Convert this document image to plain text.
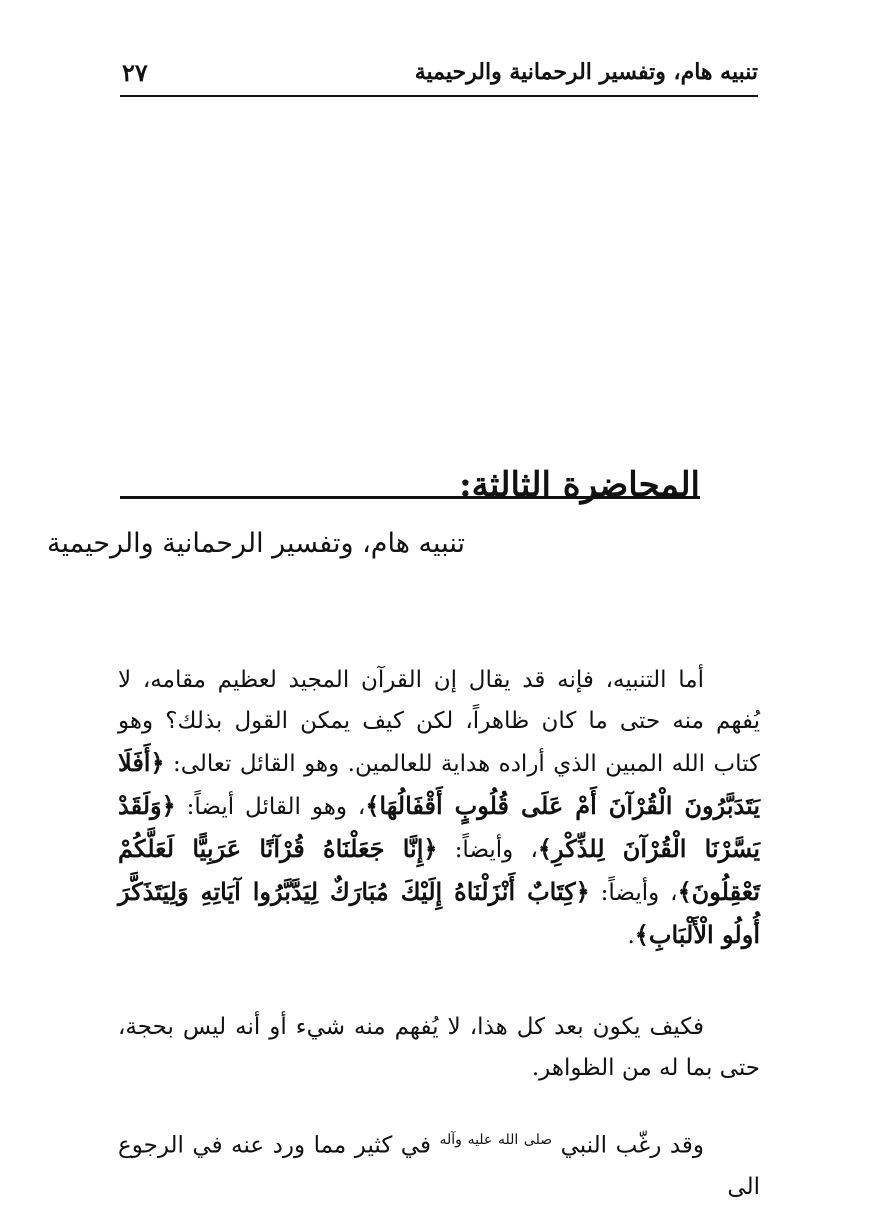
تنبيه هام، وتفسير الرحمانية والرحيمية
٢٧
المحاضرة الثالثة:
تنبيه هام، وتفسير الرحمانية والرحيمية
أما التنبيه، فإنه قد يقال إن القرآن المجيد لعظيم مقامه، لا يُفهم منه حتى ما كان ظاهراً، لكن كيف يمكن القول بذلك؟ وهو كتاب الله المبين الذي أراده هداية للعالمين. وهو القائل تعالى: ﴿أَفَلَا يَتَدَبَّرُونَ الْقُرْآنَ أَمْ عَلَى قُلُوبٍ أَقْفَالُهَا﴾، وهو القائل أيضاً: ﴿وَلَقَدْ يَسَّرْنَا الْقُرْآنَ لِلذِّكْرِ﴾، وأيضاً: ﴿إِنَّا جَعَلْنَاهُ قُرْآنًا عَرَبِيًّا لَعَلَّكُمْ تَعْقِلُونَ﴾، وأيضاً: ﴿كِتَابٌ أَنْزَلْنَاهُ إِلَيْكَ مُبَارَكٌ لِيَدَّبَّرُوا آيَاتِهِ وَلِيَتَذَكَّرَ أُولُو الْأَلْبَابِ﴾.
فكيف يكون بعد كل هذا، لا يُفهم منه شيء أو أنه ليس بحجة، حتى بما له من الظواهر.
وقد رغّب النبي $^{صلى الله عليه وآله}$ في كثير مما ورد عنه في الرجوع الى
